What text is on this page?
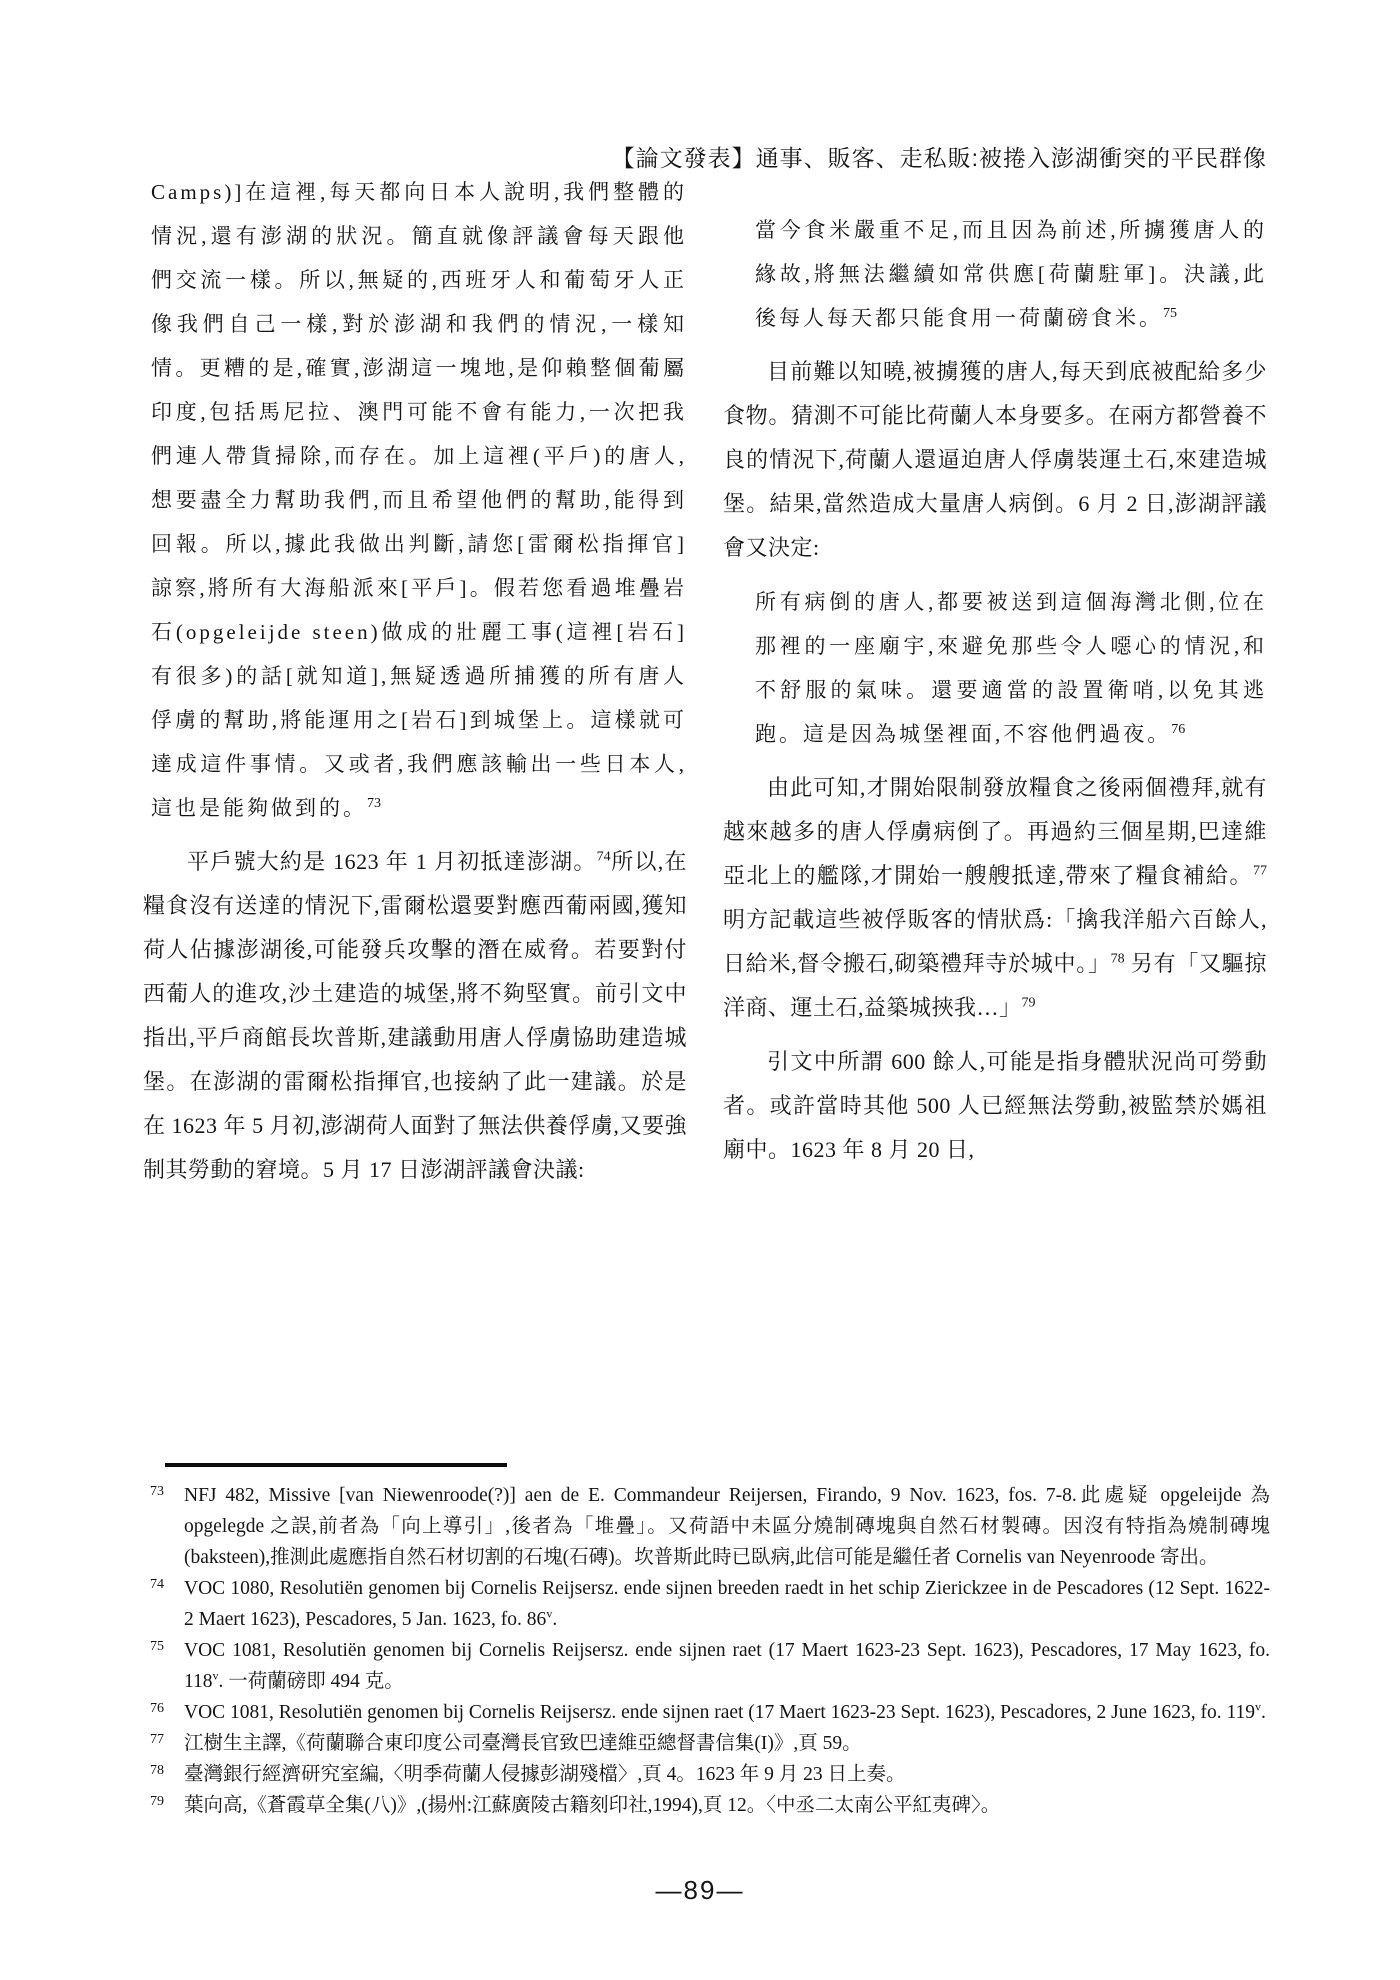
【論文發表】通事、販客、走私販:被捲入澎湖衝突的平民群像

Camps)]在這裡,每天都向日本人說明,我們整體的情況,還有澎湖的狀況。簡直就像評議會每天跟他們交流一樣。所以,無疑的,西班牙人和葡萄牙人正像我們自己一樣,對於澎湖和我們的情況,一樣知情。更糟的是,確實,澎湖這一塊地,是仰賴整個葡屬印度,包括馬尼拉、澳門可能不會有能力,一次把我們連人帶貨掃除,而存在。加上這裡(平戶)的唐人,想要盡全力幫助我們,而且希望他們的幫助,能得到回報。所以,據此我做出判斷,請您[雷爾松指揮官]諒察,將所有大海船派來[平戶]。假若您看過堆疊岩石(opgeleijde steen)做成的壯麗工事(這裡[岩石]有很多)的話[就知道],無疑透過所捕獲的所有唐人俘虜的幫助,將能運用之[岩石]到城堡上。這樣就可達成這件事情。又或者,我們應該輸出一些日本人,這也是能夠做到的。$^{73}$

平戶號大約是 1623 年 1 月初抵達澎湖。$^{74}$所以,在糧食沒有送達的情況下,雷爾松還要對應西葡兩國,獲知荷人佔據澎湖後,可能發兵攻擊的潛在威脅。若要對付西葡人的進攻,沙土建造的城堡,將不夠堅實。前引文中指出,平戶商館長坎普斯,建議動用唐人俘虜協助建造城堡。在澎湖的雷爾松指揮官,也接納了此一建議。於是在 1623 年 5 月初,澎湖荷人面對了無法供養俘虜,又要強制其勞動的窘境。5 月 17 日澎湖評議會決議:

當今食米嚴重不足,而且因為前述,所擄獲唐人的緣故,將無法繼續如常供應[荷蘭駐軍]。決議,此後每人每天都只能食用一荷蘭磅食米。$^{75}$

目前難以知曉,被擄獲的唐人,每天到底被配給多少食物。猜測不可能比荷蘭人本身要多。在兩方都營養不良的情況下,荷蘭人還逼迫唐人俘虜裝運土石,來建造城堡。結果,當然造成大量唐人病倒。6 月 2 日,澎湖評議會又決定:

所有病倒的唐人,都要被送到這個海灣北側,位在那裡的一座廟宇,來避免那些令人噁心的情況,和不舒服的氣味。還要適當的設置衛哨,以免其逃跑。這是因為城堡裡面,不容他們過夜。$^{76}$

由此可知,才開始限制發放糧食之後兩個禮拜,就有越來越多的唐人俘虜病倒了。再過約三個星期,巴達維亞北上的艦隊,才開始一艘艘抵達,帶來了糧食補給。$^{77}$ 明方記載這些被俘販客的情狀爲:「擒我洋船六百餘人,日給米,督令搬石,砌築禮拜寺於城中。」$^{78}$ 另有「又驅掠洋商、運土石,益築城挾我…」$^{79}$

引文中所謂 600 餘人,可能是指身體狀況尚可勞動者。或許當時其他 500 人已經無法勞動,被監禁於媽祖廟中。1623 年 8 月 20 日,

73 NFJ 482, Missive [van Niewenroode(?)] aen de E. Commandeur Reijersen, Firando, 9 Nov. 1623, fos. 7-8.此處疑 opgeleijde 為 opgelegde 之誤,前者為「向上導引」,後者為「堆疊」。又荷語中未區分燒制磚塊與自然石材製磚。因沒有特指為燒制磚塊(baksteen),推測此處應指自然石材切割的石塊(石磚)。坎普斯此時已臥病,此信可能是繼任者 Cornelis van Neyenroode 寄出。
74 VOC 1080, Resolutiën genomen bij Cornelis Reijsersz. ende sijnen breeden raedt in het schip Zierickzee in de Pescadores (12 Sept. 1622-2 Maert 1623), Pescadores, 5 Jan. 1623, fo. 86$^v$.
75 VOC 1081, Resolutiën genomen bij Cornelis Reijsersz. ende sijnen raet (17 Maert 1623-23 Sept. 1623), Pescadores, 17 May 1623, fo. 118$^v$. 一荷蘭磅即 494 克。
76 VOC 1081, Resolutiën genomen bij Cornelis Reijsersz. ende sijnen raet (17 Maert 1623-23 Sept. 1623), Pescadores, 2 June 1623, fo. 119$^v$.
77 江樹生主譯,《荷蘭聯合東印度公司臺灣長官致巴達維亞總督書信集(I)》,頁 59。
78 臺灣銀行經濟研究室編,〈明季荷蘭人侵據彭湖殘檔〉,頁 4。1623 年 9 月 23 日上奏。
79 葉向高,《蒼霞草全集(八)》,(揚州:江蘇廣陵古籍刻印社,1994),頁 12。〈中丞二太南公平紅夷碑〉。
—89—
